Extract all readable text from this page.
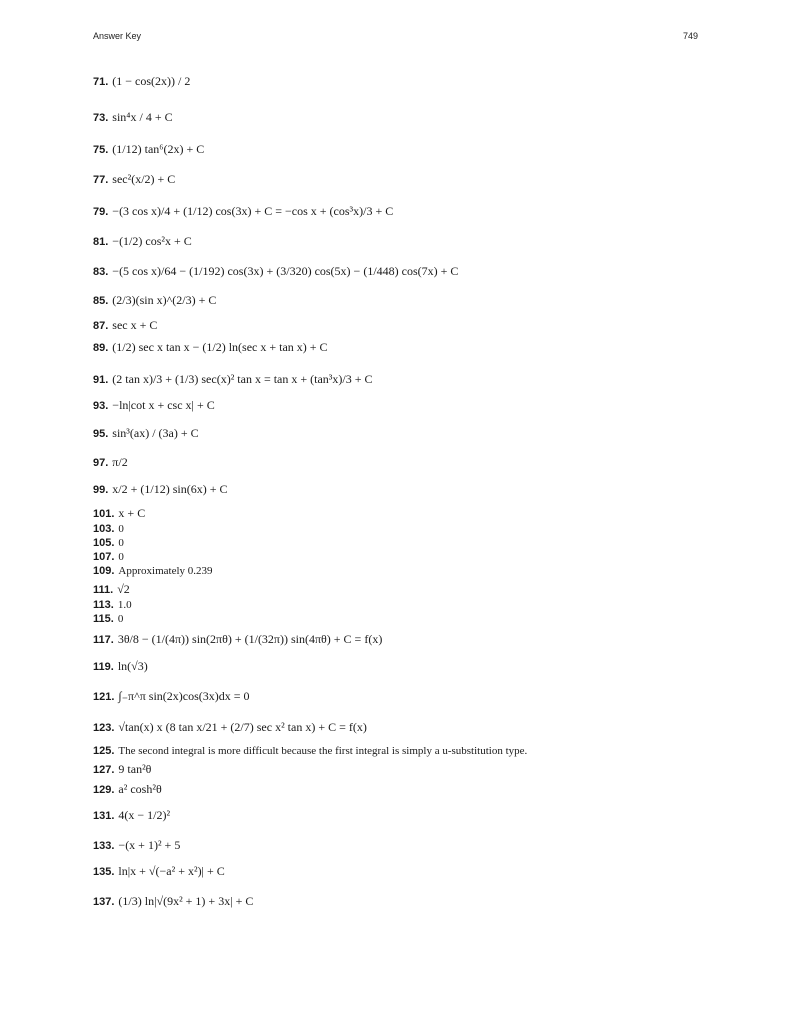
Answer Key	749
71. (1 − cos(2x)) / 2
73. sin⁴x / 4 + C
75. (1/12) tan⁶(2x) + C
77. sec²(x/2) + C
79. −(3 cos x)/4 + (1/12) cos(3x) + C = −cos x + (cos³x)/3 + C
81. −(1/2) cos²x + C
83. −(5 cos x)/64 − (1/192) cos(3x) + (3/320) cos(5x) − (1/448) cos(7x) + C
85. (2/3)(sin x)^(2/3) + C
87. sec x + C
89. (1/2) sec x tan x − (1/2) ln(sec x + tan x) + C
91. (2 tan x)/3 + (1/3) sec(x)² tan x = tan x + (tan³x)/3 + C
93. −ln|cot x + csc x| + C
95. sin³(ax) / (3a) + C
97. π/2
99. x/2 + (1/12) sin(6x) + C
101. x + C
103. 0
105. 0
107. 0
109. Approximately 0.239
111. √2
113. 1.0
115. 0
117. 3θ/8 − (1/(4π)) sin(2πθ) + (1/(32π)) sin(4πθ) + C = f(x)
119. ln(√3)
121. ∫₋π^π sin(2x)cos(3x)dx = 0
123. √tan(x) x (8 tan x/21 + (2/7) sec x² tan x) + C = f(x)
125. The second integral is more difficult because the first integral is simply a u-substitution type.
127. 9 tan²θ
129. a² cosh²θ
131. 4(x − 1/2)²
133. −(x + 1)² + 5
135. ln|x + √(−a² + x²)| + C
137. (1/3) ln|√(9x² + 1) + 3x| + C
